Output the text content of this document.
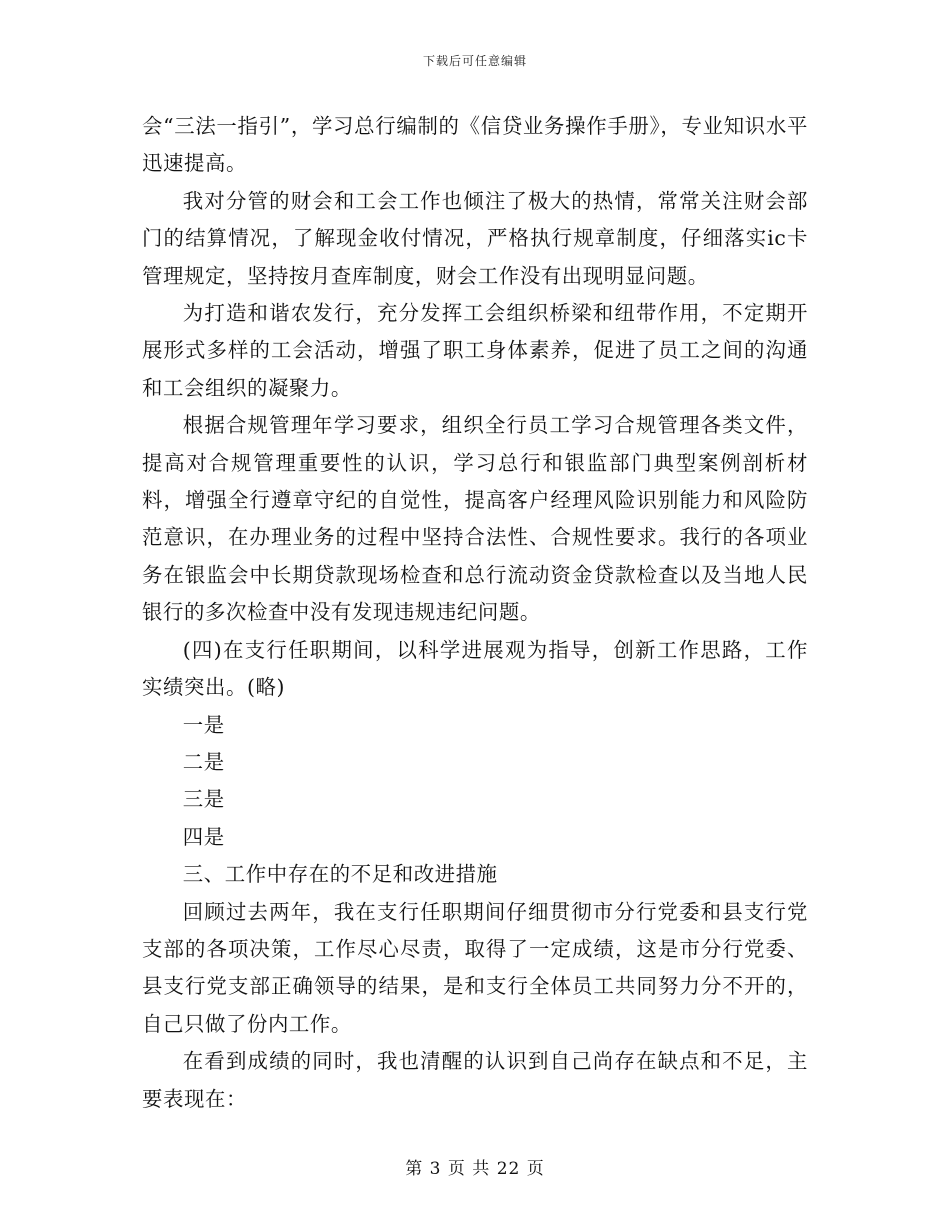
下载后可任意编辑

会“三法一指引”，学习总行编制的《信贷业务操作手册》，专业知识水平迅速提高。

我对分管的财会和工会工作也倾注了极大的热情，常常关注财会部门的结算情况，了解现金收付情况，严格执行规章制度，仔细落实ic卡管理规定，坚持按月查库制度，财会工作没有出现明显问题。

为打造和谐农发行，充分发挥工会组织桥梁和纽带作用，不定期开展形式多样的工会活动，增强了职工身体素养，促进了员工之间的沟通和工会组织的凝聚力。

根据合规管理年学习要求，组织全行员工学习合规管理各类文件，提高对合规管理重要性的认识，学习总行和银监部门典型案例剖析材料，增强全行遵章守纪的自觉性，提高客户经理风险识别能力和风险防范意识，在办理业务的过程中坚持合法性、合规性要求。我行的各项业务在银监会中长期贷款现场检查和总行流动资金贷款检查以及当地人民银行的多次检查中没有发现违规违纪问题。

(四)在支行任职期间，以科学进展观为指导，创新工作思路，工作实绩突出。(略)

一是

二是

三是

四是

三、工作中存在的不足和改进措施

回顾过去两年，我在支行任职期间仔细贯彻市分行党委和县支行党支部的各项决策，工作尽心尽责，取得了一定成绩，这是市分行党委、县支行党支部正确领导的结果，是和支行全体员工共同努力分不开的，自己只做了份内工作。

在看到成绩的同时，我也清醒的认识到自己尚存在缺点和不足，主要表现在：

第 3 页 共 22 页
